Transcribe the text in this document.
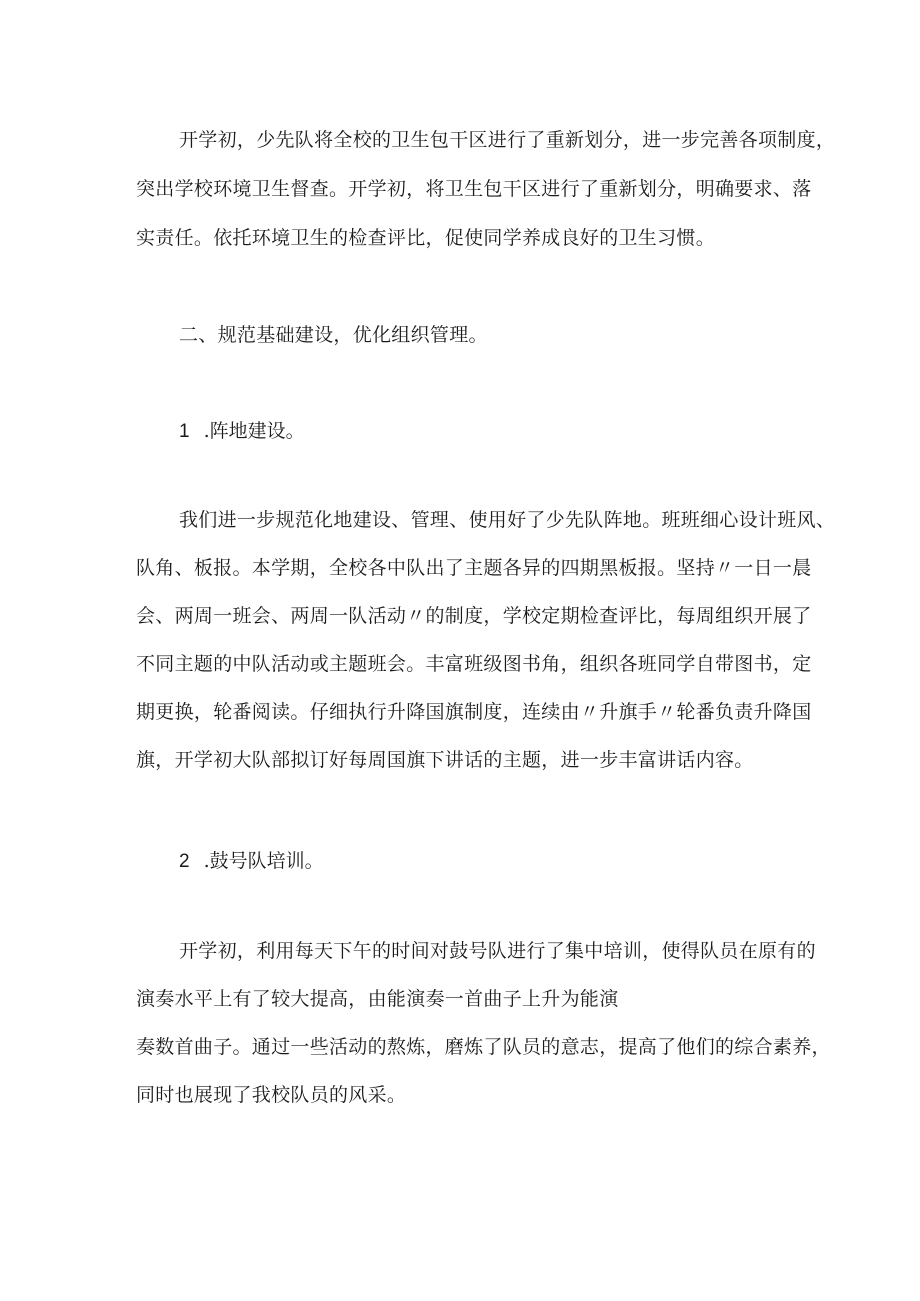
开学初，少先队将全校的卫生包干区进行了重新划分，进一步完善各项制度，
突出学校环境卫生督查。开学初，将卫生包干区进行了重新划分，明确要求、落
实责任。依托环境卫生的检查评比，促使同学养成良好的卫生习惯。
二、规范基础建设，优化组织管理。
1 .阵地建设。
我们进一步规范化地建设、管理、使用好了少先队阵地。班班细心设计班风、
队角、板报。本学期，全校各中队出了主题各异的四期黑板报。坚持〃一日一晨
会、两周一班会、两周一队活动〃的制度，学校定期检查评比，每周组织开展了
不同主题的中队活动或主题班会。丰富班级图书角，组织各班同学自带图书，定
期更换，轮番阅读。仔细执行升降国旗制度，连续由〃升旗手〃轮番负责升降国
旗，开学初大队部拟订好每周国旗下讲话的主题，进一步丰富讲话内容。
2 .鼓号队培训。
开学初，利用每天下午的时间对鼓号队进行了集中培训，使得队员在原有的
演奏水平上有了较大提高，由能演奏一首曲子上升为能演
奏数首曲子。通过一些活动的熬炼，磨炼了队员的意志，提高了他们的综合素养，
同时也展现了我校队员的风采。
